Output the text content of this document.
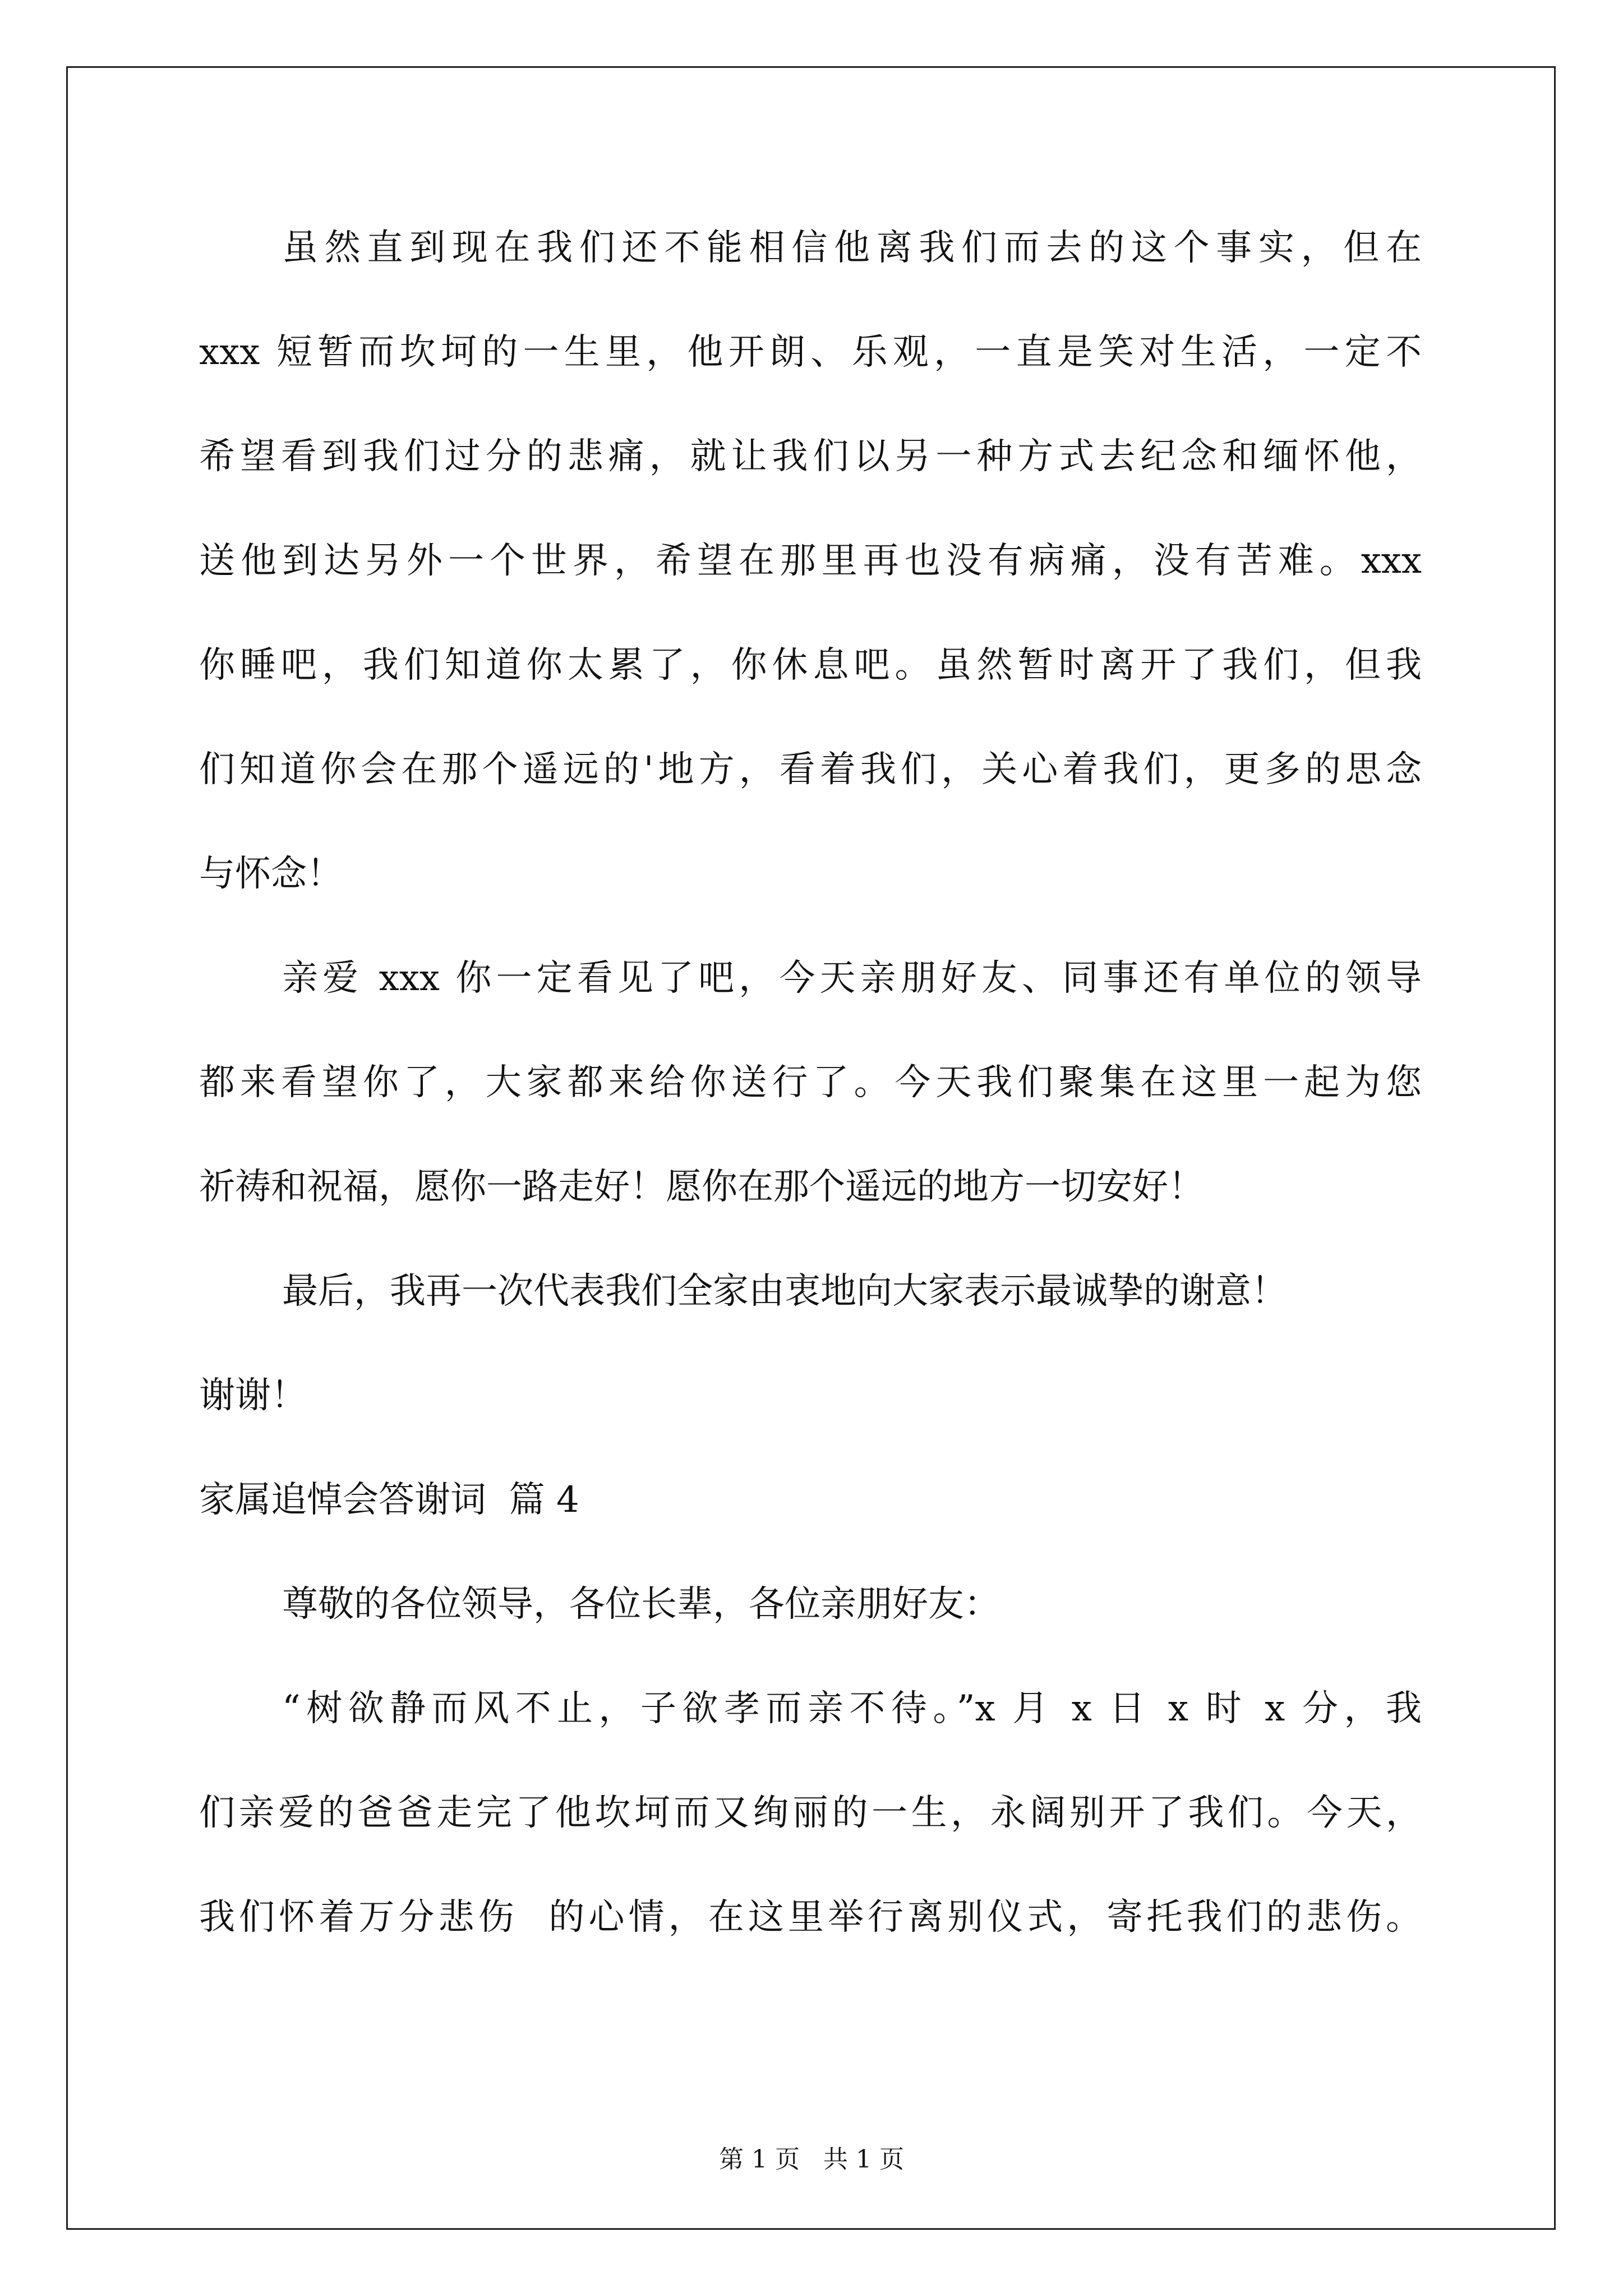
虽然直到现在我们还不能相信他离我们而去的这个事实，但在
xxx 短暂而坎坷的一生里，他开朗、乐观，一直是笑对生活，一定不
希望看到我们过分的悲痛，就让我们以另一种方式去纪念和缅怀他，
送他到达另外一个世界，希望在那里再也没有病痛，没有苦难。xxx
你睡吧，我们知道你太累了，你休息吧。虽然暂时离开了我们，但我
们知道你会在那个遥远的'地方，看着我们，关心着我们，更多的思念
与怀念！
亲爱 xxx 你一定看见了吧，今天亲朋好友、同事还有单位的领导
都来看望你了，大家都来给你送行了。今天我们聚集在这里一起为您
祈祷和祝福，愿你一路走好！愿你在那个遥远的地方一切安好！
最后，我再一次代表我们全家由衷地向大家表示最诚挚的谢意！
谢谢！
家属追悼会答谢词  篇 4
尊敬的各位领导，各位长辈，各位亲朋好友：
“树欲静而风不止，子欲孝而亲不待。”x 月 x 日 x 时 x 分，我
们亲爱的爸爸走完了他坎坷而又绚丽的一生，永阔别开了我们。今天，
我们怀着万分悲伤  的心情，在这里举行离别仪式，寄托我们的悲伤。
第 1 页   共 1 页
